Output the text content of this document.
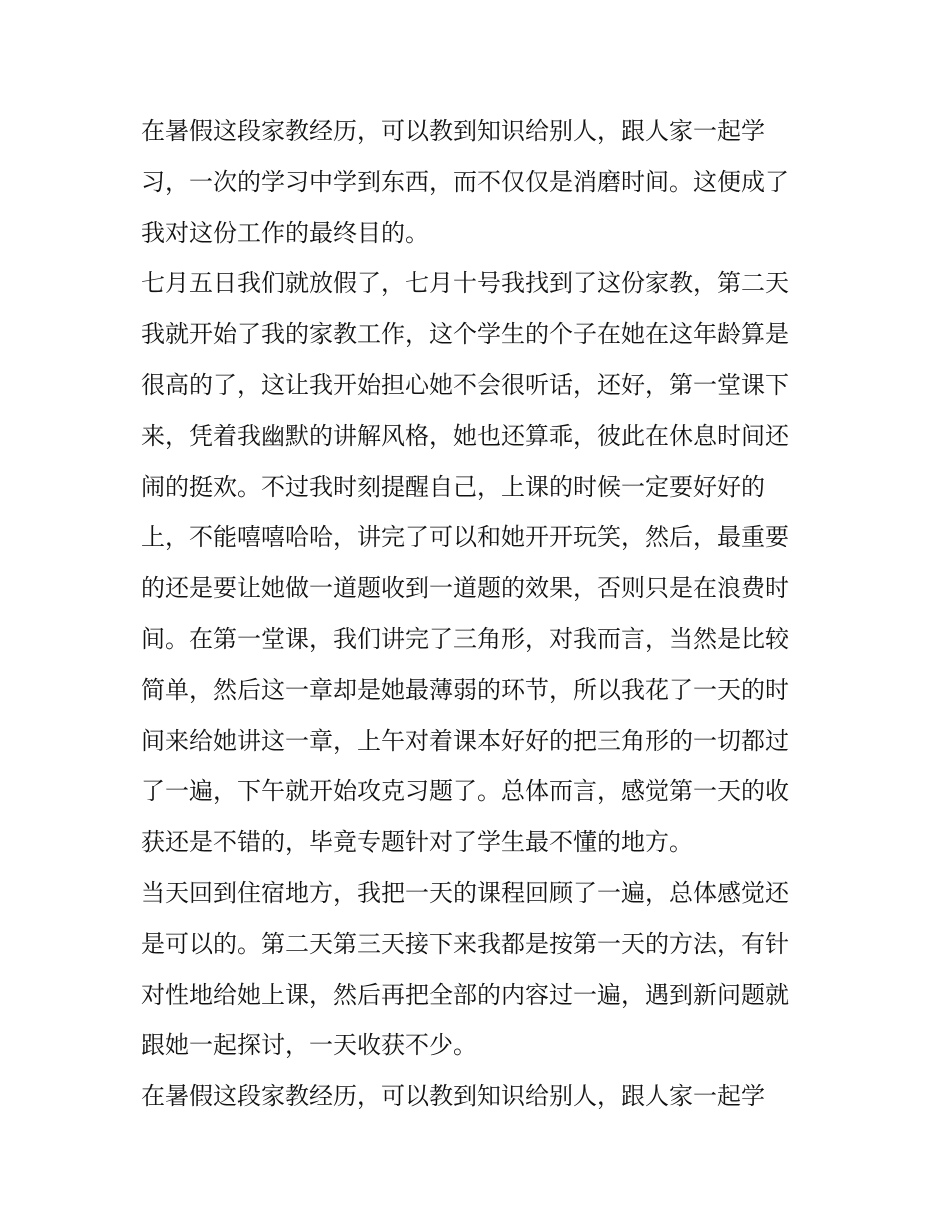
在暑假这段家教经历，可以教到知识给别人，跟人家一起学
习，一次的学习中学到东西，而不仅仅是消磨时间。这便成了
我对这份工作的最终目的。
七月五日我们就放假了，七月十号我找到了这份家教，第二天
我就开始了我的家教工作，这个学生的个子在她在这年龄算是
很高的了，这让我开始担心她不会很听话，还好，第一堂课下
来，凭着我幽默的讲解风格，她也还算乖，彼此在休息时间还
闹的挺欢。不过我时刻提醒自己，上课的时候一定要好好的
上，不能嘻嘻哈哈，讲完了可以和她开开玩笑，然后，最重要
的还是要让她做一道题收到一道题的效果，否则只是在浪费时
间。在第一堂课，我们讲完了三角形，对我而言，当然是比较
简单，然后这一章却是她最薄弱的环节，所以我花了一天的时
间来给她讲这一章，上午对着课本好好的把三角形的一切都过
了一遍，下午就开始攻克习题了。总体而言，感觉第一天的收
获还是不错的，毕竟专题针对了学生最不懂的地方。
当天回到住宿地方，我把一天的课程回顾了一遍，总体感觉还
是可以的。第二天第三天接下来我都是按第一天的方法，有针
对性地给她上课，然后再把全部的内容过一遍，遇到新问题就
跟她一起探讨，一天收获不少。
在暑假这段家教经历，可以教到知识给别人，跟人家一起学
